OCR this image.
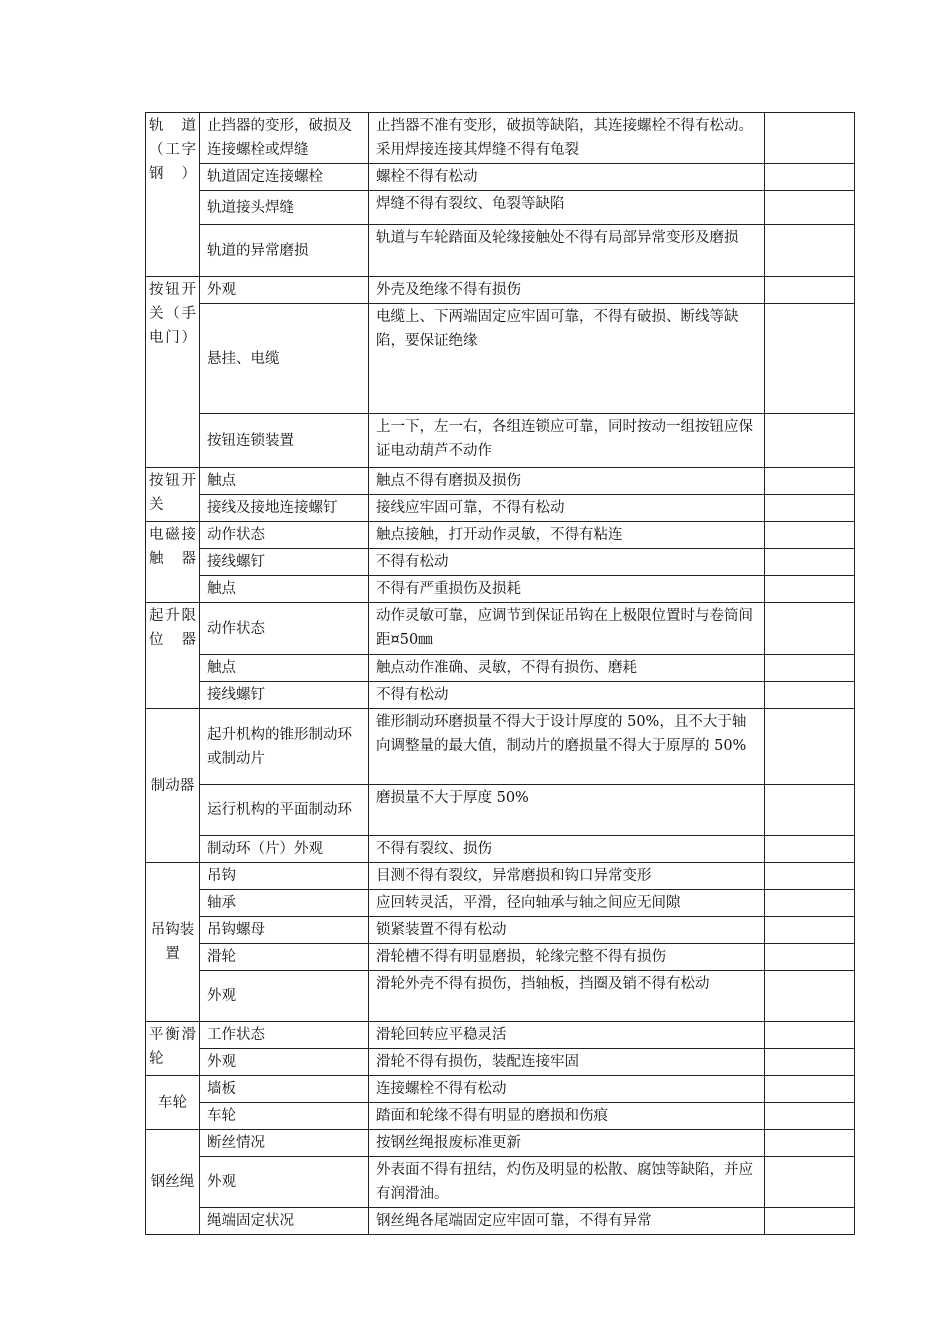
轨道（工字钢）	止挡器的变形，破损及连接螺栓或焊缝	止挡器不准有变形，破损等缺陷，其连接螺栓不得有松动。采用焊接连接其焊缝不得有龟裂	
	轨道固定连接螺栓	螺栓不得有松动	
	轨道接头焊缝	焊缝不得有裂纹、龟裂等缺陷	
	轨道的异常磨损	轨道与车轮踏面及轮缘接触处不得有局部异常变形及磨损	
按钮开关（手电门）	外观	外壳及绝缘不得有损伤	
	悬挂、电缆	电缆上、下两端固定应牢固可靠，不得有破损、断线等缺陷，要保证绝缘	
	按钮连锁装置	上一下，左一右，各组连锁应可靠，同时按动一组按钮应保证电动葫芦不动作	
按钮开关	触点	触点不得有磨损及损伤	
	接线及接地连接螺钉	接线应牢固可靠，不得有松动	
电磁接触器	动作状态	触点接触，打开动作灵敏，不得有粘连	
	接线螺钉	不得有松动	
	触点	不得有严重损伤及损耗	
起升限位器	动作状态	动作灵敏可靠，应调节到保证吊钩在上极限位置时与卷筒间距¤50㎜	
	触点	触点动作准确、灵敏，不得有损伤、磨耗	
	接线螺钉	不得有松动	
制动器	起升机构的锥形制动环或制动片	锥形制动环磨损量不得大于设计厚度的 50%，且不大于轴向调整量的最大值，制动片的磨损量不得大于原厚的 50%	
	运行机构的平面制动环	磨损量不大于厚度 50%	
	制动环（片）外观	不得有裂纹、损伤	
吊钩装置	吊钩	目测不得有裂纹，异常磨损和钩口异常变形	
	轴承	应回转灵活，平滑，径向轴承与轴之间应无间隙	
	吊钩螺母	锁紧装置不得有松动	
	滑轮	滑轮槽不得有明显磨损，轮缘完整不得有损伤	
	外观	滑轮外壳不得有损伤，挡轴板，挡圈及销不得有松动	
平衡滑轮	工作状态	滑轮回转应平稳灵活	
	外观	滑轮不得有损伤，装配连接牢固	
车轮	墙板	连接螺栓不得有松动	
	车轮	踏面和轮缘不得有明显的磨损和伤痕	
钢丝绳	断丝情况	按钢丝绳报废标准更新	
	外观	外表面不得有扭结，灼伤及明显的松散、腐蚀等缺陷，并应有润滑油。	
	绳端固定状况	钢丝绳各尾端固定应牢固可靠，不得有异常	
